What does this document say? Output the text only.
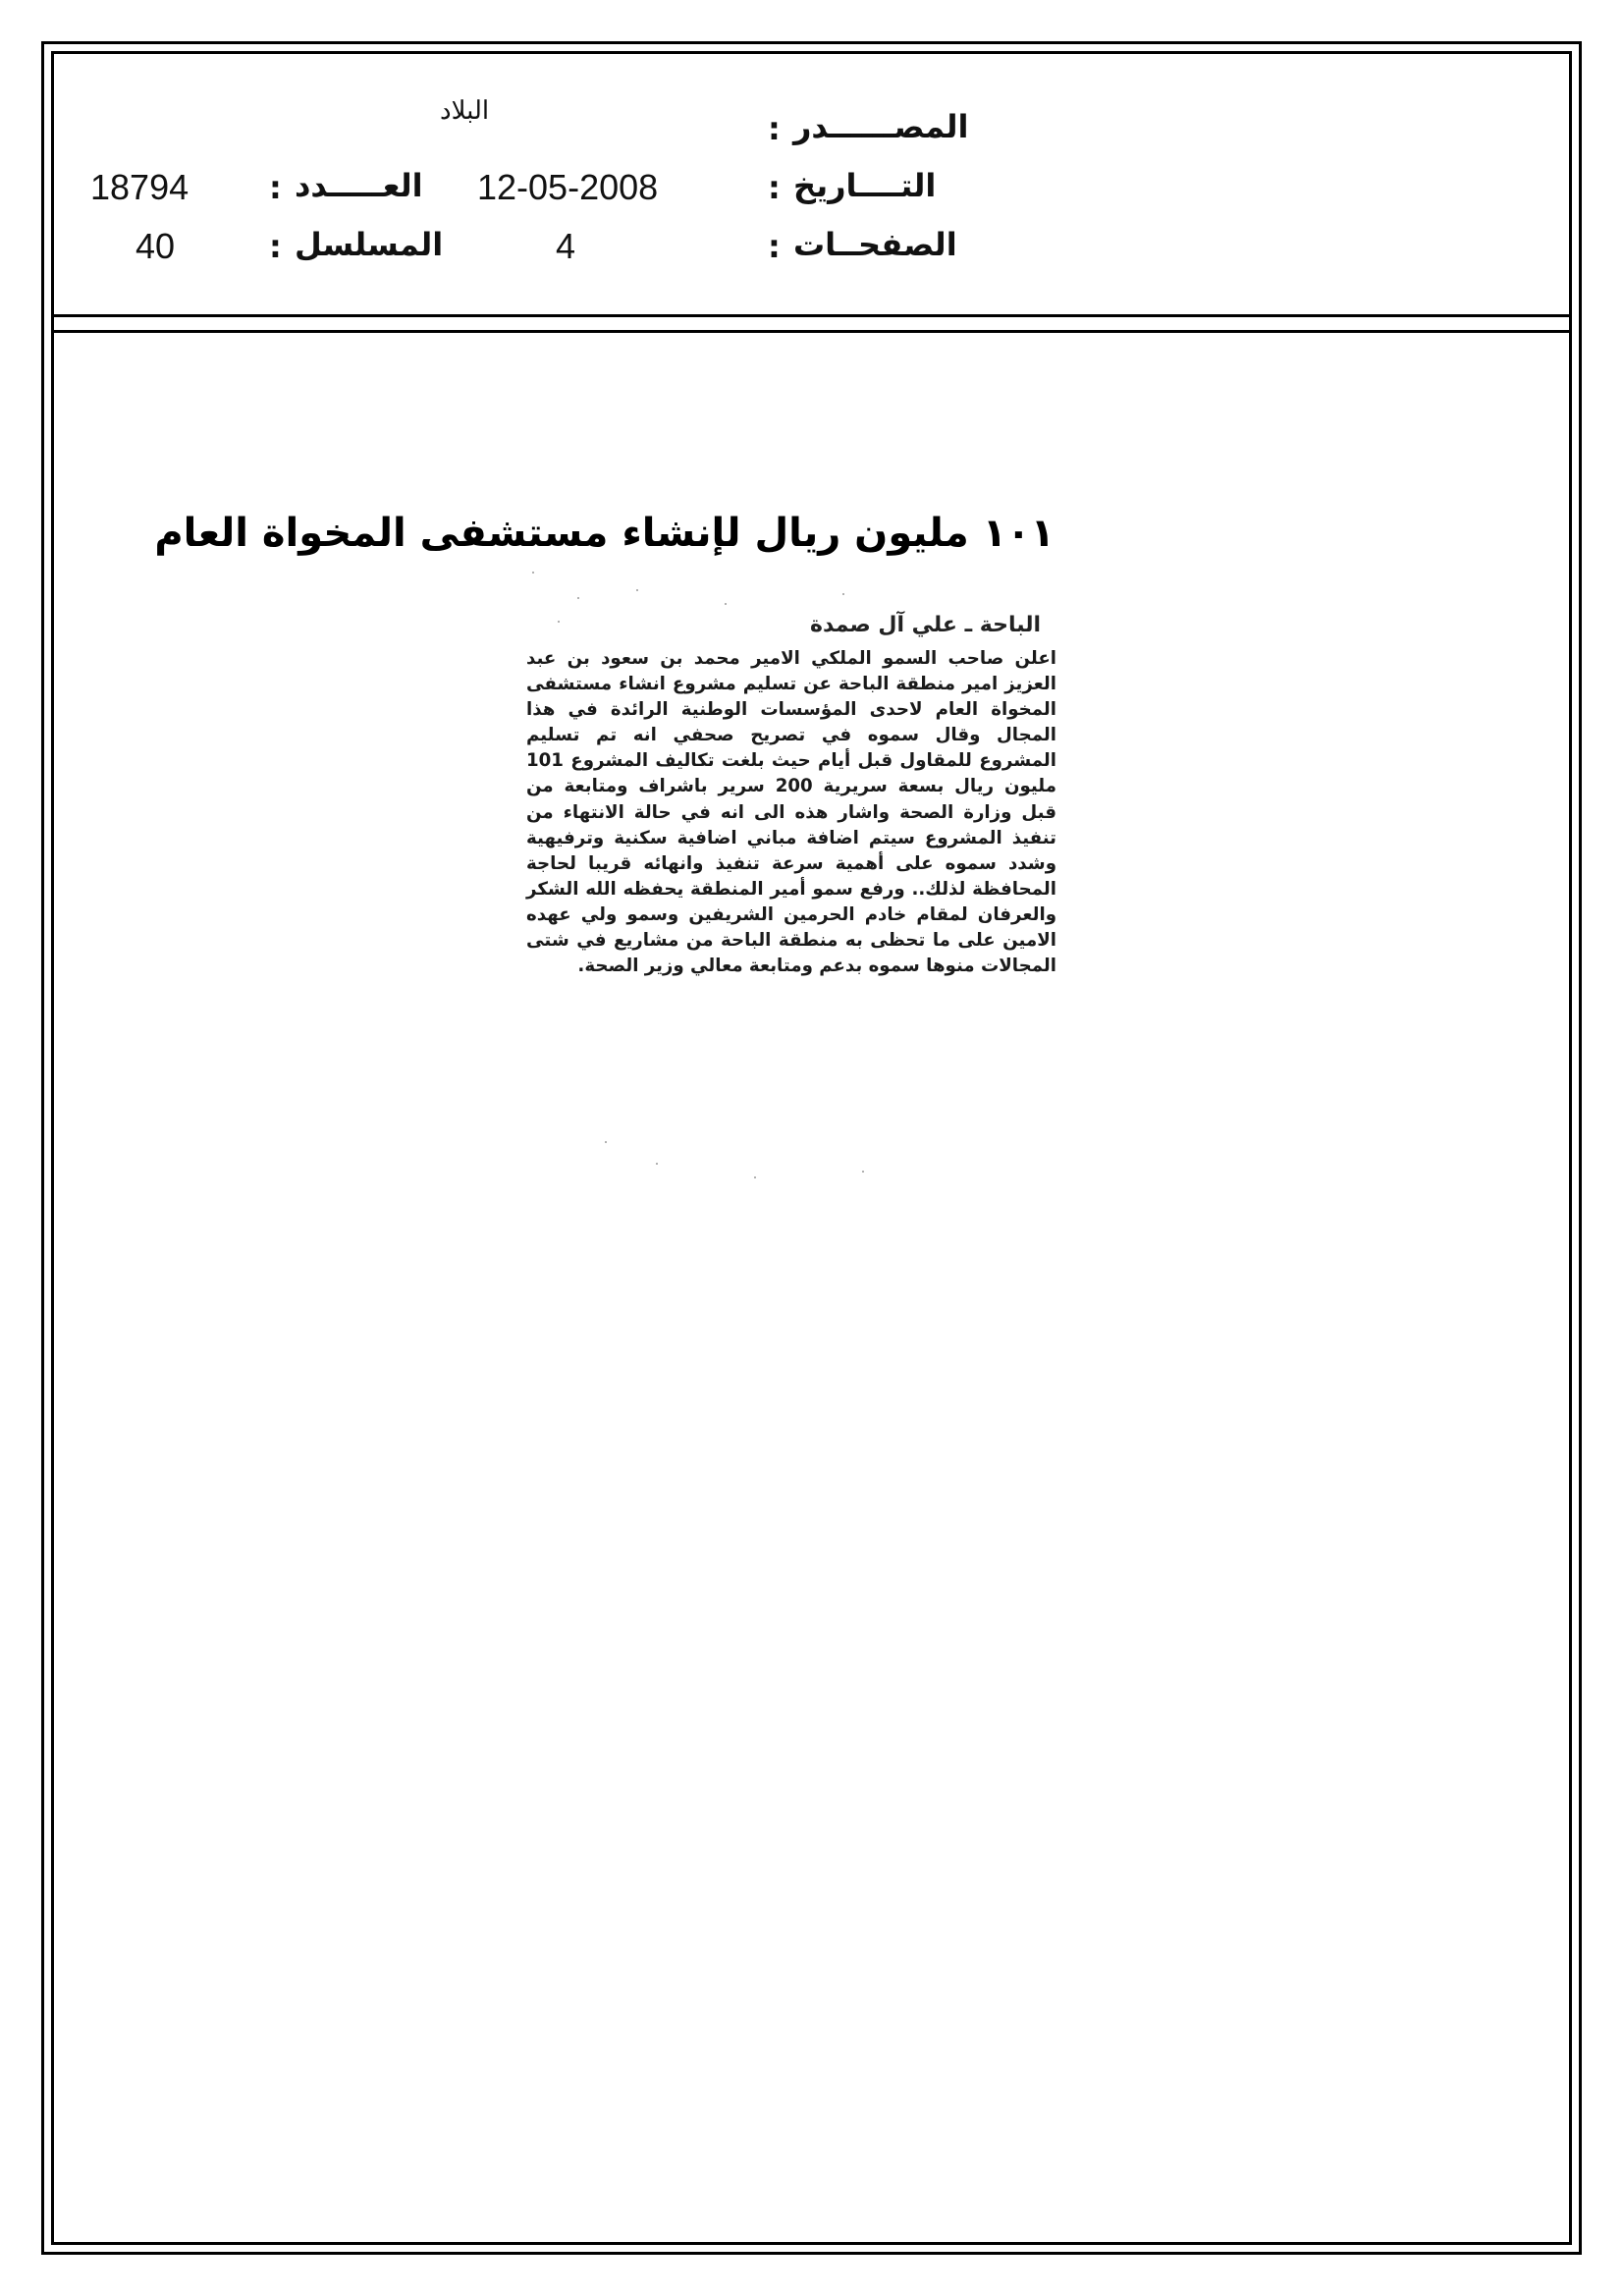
المصــــــدر
:
البلاد
التــــاريخ
:
12-05-2008
العـــــدد
:
18794
الصفحــات
:
4
المسلسل
:
40
١٠١ مليون ريال لإنشاء مستشفى المخواة العام
الباحة ـ علي آل صمدة
اعلن صاحب السمو الملكي الامير محمد بن سعود بن عبد العزيز امير منطقة الباحة عن تسليم مشروع انشاء مستشفى المخواة العام لاحدى المؤسسات الوطنية الرائدة في هذا المجال وقال سموه في تصريح صحفي انه تم تسليم المشروع للمقاول قبل أيام حيث بلغت تكاليف المشروع 101 مليون ريال بسعة سريرية 200 سرير باشراف ومتابعة من قبل وزارة الصحة واشار هذه الى انه في حالة الانتهاء من تنفيذ المشروع سيتم اضافة مباني اضافية سكنية وترفيهية وشدد سموه على أهمية سرعة تنفيذ وانهائه قريبا لحاجة المحافظة لذلك.. ورفع سمو أمير المنطقة يحفظه الله الشكر والعرفان لمقام خادم الحرمين الشريفين وسمو ولي عهده الامين على ما تحظى به منطقة الباحة من مشاريع في شتى المجالات منوها سموه بدعم ومتابعة معالي وزير الصحة.
